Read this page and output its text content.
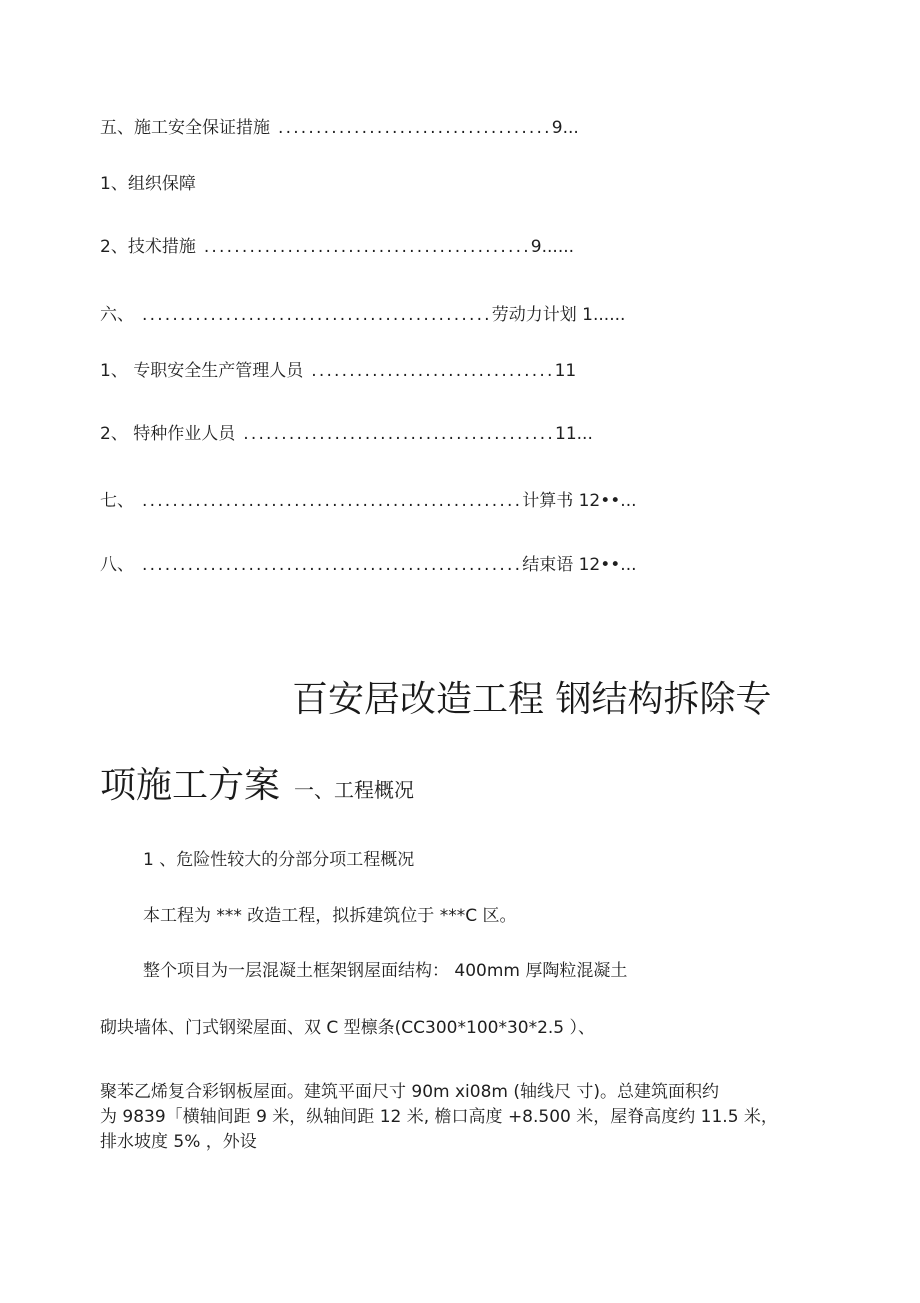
五、施工安全保证措施 ....................................9...
1、组织保障
2、技术措施 ...........................................9......
六、 ..............................................劳动力计划 1......
1、 专职安全生产管理人员 ................................11
2、 特种作业人员 .........................................11...
七、 ..................................................计算书 12••...
八、 ..................................................结束语 12••...
百安居改造工程 钢结构拆除专
项施工方案 一、工程概况
1 、危险性较大的分部分项工程概况
本工程为 *** 改造工程，拟拆建筑位于 ***C 区。
整个项目为一层混凝土框架钢屋面结构： 400mm 厚陶粒混凝土
砌块墙体、门式钢梁屋面、双 C 型檩条(CC300*100*30*2.5 ）、
聚苯乙烯复合彩钢板屋面。建筑平面尺寸 90m xi08m (轴线尺 寸)。总建筑面积约
为 9839「横轴间距 9 米，纵轴间距 12 米, 檐口高度 +8.500 米，屋脊高度约 11.5 米，
排水坡度 5% ，外设
